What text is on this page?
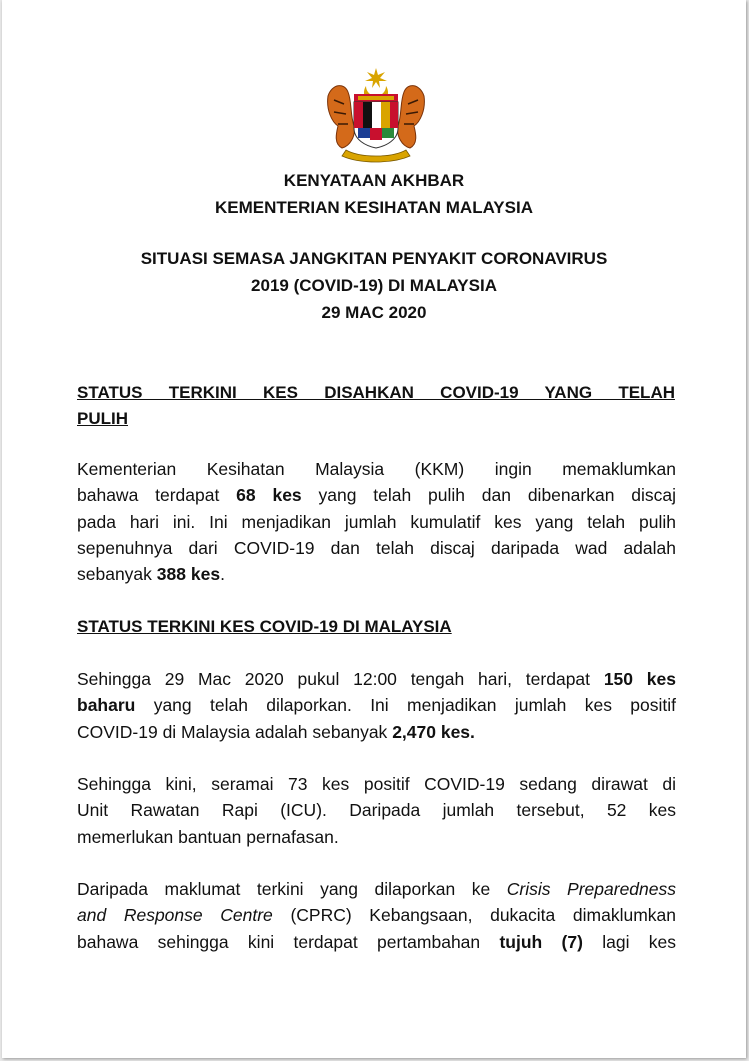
KENYATAAN AKHBAR
KEMENTERIAN KESIHATAN MALAYSIA
SITUASI SEMASA JANGKITAN PENYAKIT CORONAVIRUS
2019 (COVID-19) DI MALAYSIA
29 MAC 2020
STATUS TERKINI KES DISAHKAN COVID-19 YANG TELAH
PULIH
Kementerian Kesihatan Malaysia (KKM) ingin memaklumkan
bahawa terdapat 68 kes yang telah pulih dan dibenarkan discaj
pada hari ini. Ini menjadikan jumlah kumulatif kes yang telah pulih
sepenuhnya dari COVID-19 dan telah discaj daripada wad adalah
sebanyak 388 kes.
STATUS TERKINI KES COVID-19 DI MALAYSIA
Sehingga 29 Mac 2020 pukul 12:00 tengah hari, terdapat 150 kes
baharu yang telah dilaporkan. Ini menjadikan jumlah kes positif
COVID-19 di Malaysia adalah sebanyak 2,470 kes.
Sehingga kini, seramai 73 kes positif COVID-19 sedang dirawat di
Unit Rawatan Rapi (ICU). Daripada jumlah tersebut, 52 kes
memerlukan bantuan pernafasan.
Daripada maklumat terkini yang dilaporkan ke Crisis Preparedness
and Response Centre (CPRC) Kebangsaan, dukacita dimaklumkan
bahawa sehingga kini terdapat pertambahan tujuh (7) lagi kes
